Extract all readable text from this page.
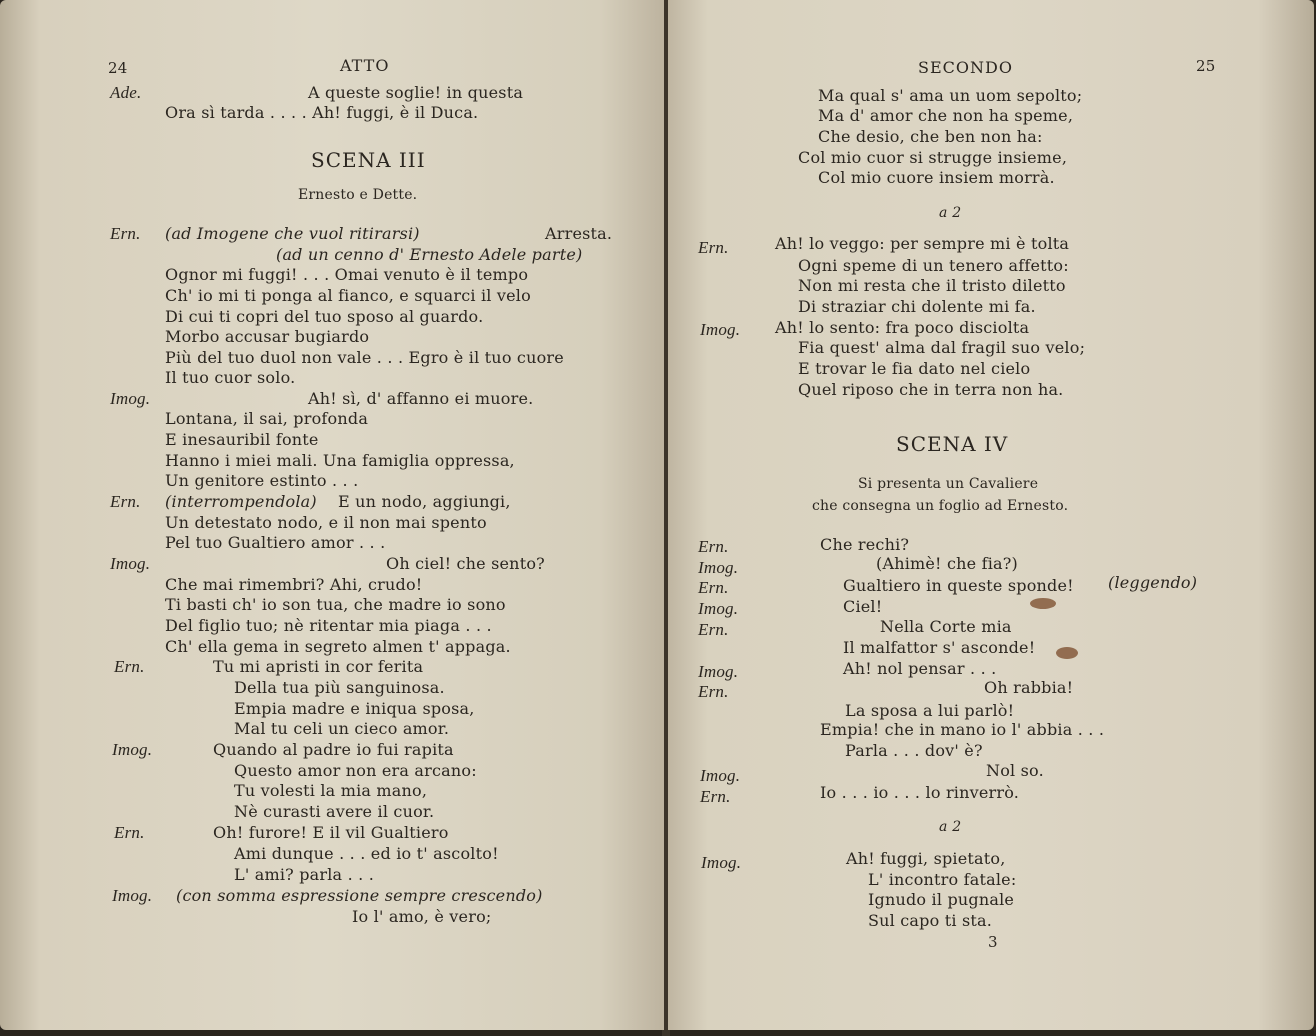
24	ATTO
Ade.	A queste soglie! in questa
Ora sì tarda . . . . Ah! fuggi, è il Duca.
SCENA III
Ernesto e Dette.
Ern. (ad Imogene che vuol ritirarsi)	Arresta.
(ad un cenno d' Ernesto Adele parte)
Ognor mi fuggi! . . . Omai venuto è il tempo
Ch' io mi ti ponga al fianco, e squarci il velo
Di cui ti copri del tuo sposo al guardo.
Morbo accusar bugiardo
Più del tuo duol non vale . . . Egro è il tuo cuore
Il tuo cuor solo.
Imog.	Ah! sì, d' affanno ei muore.
Lontana, il sai, profonda
E inesauribil fonte
Hanno i miei mali. Una famiglia oppressa,
Un genitore estinto . . .
Ern. (interrompendola) E un nodo, aggiungi,
Un detestato nodo, e il non mai spento
Pel tuo Gualtiero amor . . .
Imog.	Oh ciel! che sento?
Che mai rimembri? Ahi, crudo!
Ti basti ch' io son tua, che madre io sono
Del figlio tuo; nè ritentar mia piaga . . .
Ch' ella gema in segreto almen t' appaga.
Ern.	Tu mi apristi in cor ferita
Della tua più sanguinosa.
Empia madre e iniqua sposa,
Mal tu celi un cieco amor.
Imog.	Quando al padre io fui rapita
Questo amor non era arcano:
Tu volesti la mia mano,
Nè curasti avere il cuor.
Ern.	Oh! furore! E il vil Gualtiero
Ami dunque . . . ed io t' ascolto!
L' ami? parla . . .
Imog. (con somma espressione sempre crescendo)
Io l' amo, è vero;
SECONDO	25
Ma qual s' ama un uom sepolto;
Ma d' amor che non ha speme,
Che desio, che ben non ha:
Col mio cuor si strugge insieme,
Col mio cuore insiem morrà.
a 2
Ern.	Ah! lo veggo: per sempre mi è tolta
Ogni speme di un tenero affetto:
Non mi resta che il tristo diletto
Di straziar chi dolente mi fa.
Imog. Ah! lo sento: fra poco disciolta
Fia quest' alma dal fragil suo velo;
E trovar le fia dato nel cielo
Quel riposo che in terra non ha.
SCENA IV
Si presenta un Cavaliere
che consegna un foglio ad Ernesto.
Ern.	Che rechi?
Imog.	(Ahimè! che fia?)
Ern.	Gualtiero in queste sponde! (leggendo)
Imog.	Ciel!
Ern.	Nella Corte mia
Il malfattor s' asconde!
Imog.	Ah! nol pensar . . .
Ern.	Oh rabbia!
La sposa a lui parlò!
Empia! che in mano io l' abbia . . .
Parla . . . dov' è?
Imog.	Nol so.
Ern.	Io . . . io . . . lo rinverrò.
a 2
Imog.	Ah! fuggi, spietato,
L' incontro fatale:
Ignudo il pugnale
Sul capo ti sta.
3
